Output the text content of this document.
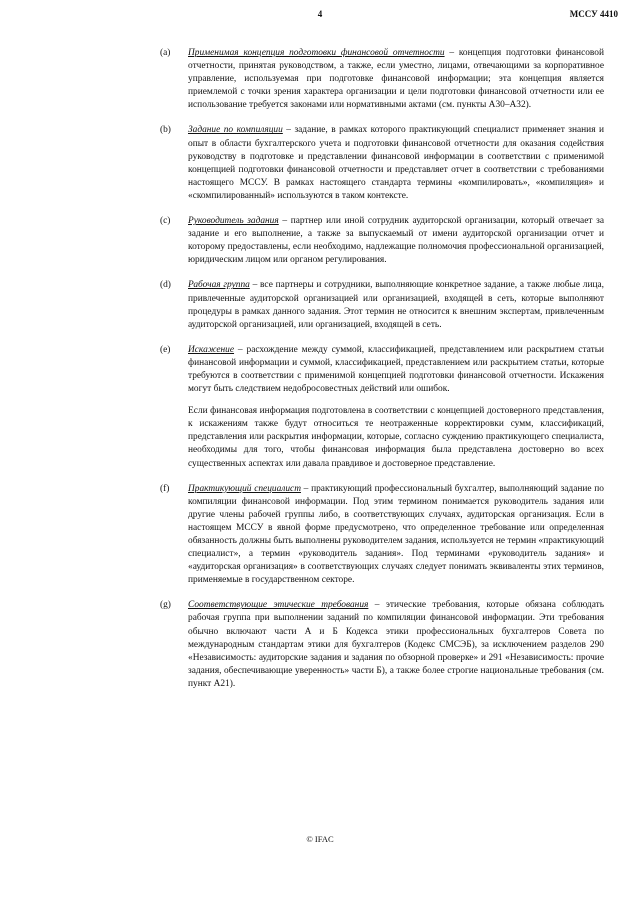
4	МССУ 4410
(a)	Применимая концепция подготовки финансовой отчетности – концепция подготовки финансовой отчетности, принятая руководством, а также, если уместно, лицами, отвечающими за корпоративное управление, используемая при подготовке финансовой информации; эта концепция является приемлемой с точки зрения характера организации и цели подготовки финансовой отчетности или ее использование требуется законами или нормативными актами (см. пункты А30–А32).

(b)	Задание по компиляции – задание, в рамках которого практикующий специалист применяет знания и опыт в области бухгалтерского учета и подготовки финансовой отчетности для оказания содействия руководству в подготовке и представлении финансовой информации в соответствии с применимой концепцией подготовки финансовой отчетности и представляет отчет в соответствии с требованиями настоящего МССУ. В рамках настоящего стандарта термины «компилировать», «компиляция» и «скомпилированный» используются в таком контексте.

(c)	Руководитель задания – партнер или иной сотрудник аудиторской организации, который отвечает за задание и его выполнение, а также за выпускаемый от имени аудиторской организации отчет и которому предоставлены, если необходимо, надлежащие полномочия профессиональной организацией, юридическим лицом или органом регулирования.

(d)	Рабочая группа – все партнеры и сотрудники, выполняющие конкретное задание, а также любые лица, привлеченные аудиторской организацией или организацией, входящей в сеть, которые выполняют процедуры в рамках данного задания. Этот термин не относится к внешним экспертам, привлеченным аудиторской организацией, или организацией, входящей в сеть.

(e)	Искажение – расхождение между суммой, классификацией, представлением или раскрытием статьи финансовой информации и суммой, классификацией, представлением или раскрытием статьи, которые требуются в соответствии с применимой концепцией подготовки финансовой отчетности. Искажения могут быть следствием недобросовестных действий или ошибок.

Если финансовая информация подготовлена в соответствии с концепцией достоверного представления, к искажениям также будут относиться те неотраженные корректировки сумм, классификаций, представления или раскрытия информации, которые, согласно суждению практикующего специалиста, необходимы для того, чтобы финансовая информация была представлена достоверно во всех существенных аспектах или давала правдивое и достоверное представление.

(f)	Практикующий специалист – практикующий профессиональный бухгалтер, выполняющий задание по компиляции финансовой информации. Под этим термином понимается руководитель задания или другие члены рабочей группы либо, в соответствующих случаях, аудиторская организация. Если в настоящем МССУ в явной форме предусмотрено, что определенное требование или определенная обязанность должны быть выполнены руководителем задания, используется не термин «практикующий специалист», а термин «руководитель задания». Под терминами «руководитель задания» и «аудиторская организация» в соответствующих случаях следует понимать эквиваленты этих терминов, применяемые в государственном секторе.

(g)	Соответствующие этические требования – этические требования, которые обязана соблюдать рабочая группа при выполнении заданий по компиляции финансовой информации. Эти требования обычно включают части А и Б Кодекса этики профессиональных бухгалтеров Совета по международным стандартам этики для бухгалтеров (Кодекс СМСЭБ), за исключением разделов 290 «Независимость: аудиторские задания и задания по обзорной проверке» и 291 «Независимость: прочие задания, обеспечивающие уверенность» части Б), а также более строгие национальные требования (см. пункт А21).

© IFAC
